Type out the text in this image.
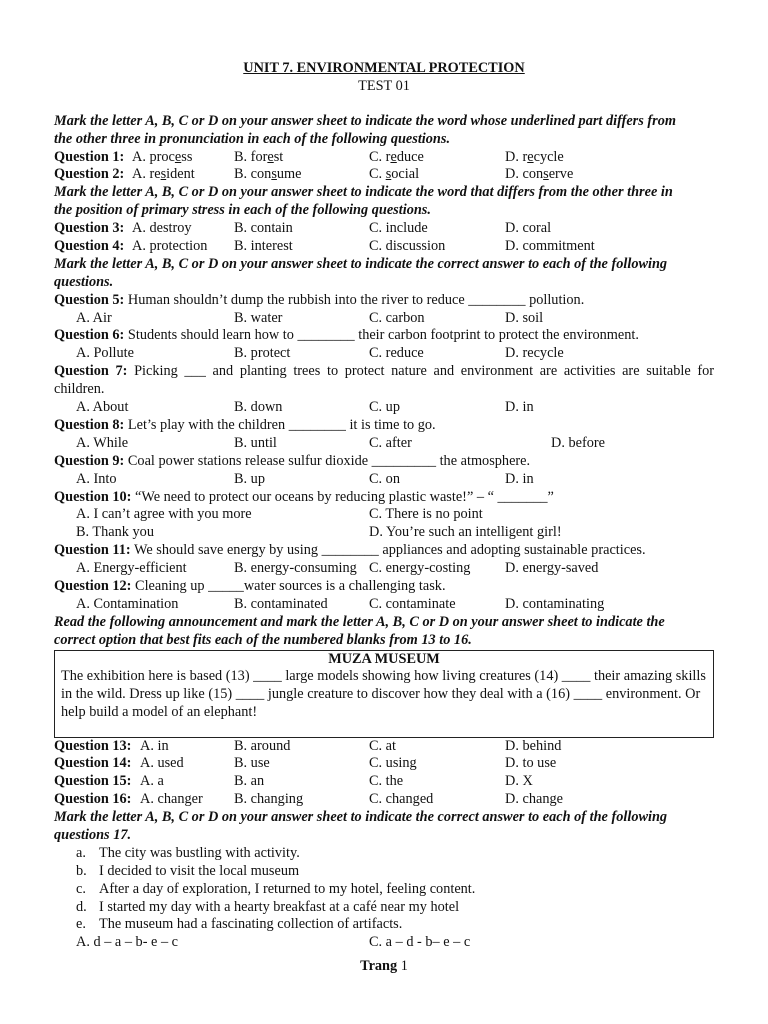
UNIT 7. ENVIRONMENTAL PROTECTION
TEST 01
Mark the letter A, B, C or D on your answer sheet to indicate the word whose underlined part differs from
the other three in pronunciation in each of the following questions.
Question 1: A. process	B. forest	C. reduce	D. recycle
Question 2: A. resident	B. consume	C. social	D. conserve
Mark the letter A, B, C or D on your answer sheet to indicate the word that differs from the other three in
the position of primary stress in each of the following questions.
Question 3: A. destroy	B. contain	C. include	D. coral
Question 4: A. protection B. interest	C. discussion	D. commitment
Mark the letter A, B, C or D on your answer sheet to indicate the correct answer to each of the following
questions.
Question 5: Human shouldn’t dump the rubbish into the river to reduce ________ pollution.
A. Air	B. water	C. carbon	D. soil
Question 6: Students should learn how to ________ their carbon footprint to protect the environment.
A. Pollute	B. protect	C. reduce	D. recycle
Question 7: Picking ___ and planting trees to protect nature and environment are activities are suitable for children.
A. About	B. down	C. up	D. in
Question 8: Let’s play with the children ________ it is time to go.
A. While	B. until	C. after	D. before
Question 9: Coal power stations release sulfur dioxide _________ the atmosphere.
A. Into	B. up	C. on	D. in
Question 10: “We need to protect our oceans by reducing plastic waste!” – “ _______”
A. I can’t agree with you more	C. There is no point
B. Thank you	D. You’re such an intelligent girl!
Question 11: We should save energy by using ________ appliances and adopting sustainable practices.
A. Energy-efficient	B. energy-consuming C. energy-costing D. energy-saved
Question 12: Cleaning up _____water sources is a challenging task.
A. Contamination	B. contaminated	C. contaminate	D. contaminating
Read the following announcement and mark the letter A, B, C or D on your answer sheet to indicate the
correct option that best fits each of the numbered blanks from 13 to 16.
MUZA MUSEUM
The exhibition here is based (13) ____ large models showing how living creatures (14) ____ their amazing skills in the wild. Dress up like (15) ____ jungle creature to discover how they deal with a (16) ____ environment. Or help build a model of an elephant!
Question 13: A. in	B. around	C. at	D. behind
Question 14: A. used	B. use	C. using	D. to use
Question 15: A. a	B. an	C. the	D. X
Question 16: A. changer B. changing	C. changed	D. change
Mark the letter A, B, C or D on your answer sheet to indicate the correct answer to each of the following
questions 17.
a. The city was bustling with activity.
b. I decided to visit the local museum
c. After a day of exploration, I returned to my hotel, feeling content.
d. I started my day with a hearty breakfast at a café near my hotel
e. The museum had a fascinating collection of artifacts.
A. d – a – b- e – c	C. a – d - b– e – c
Trang 1
